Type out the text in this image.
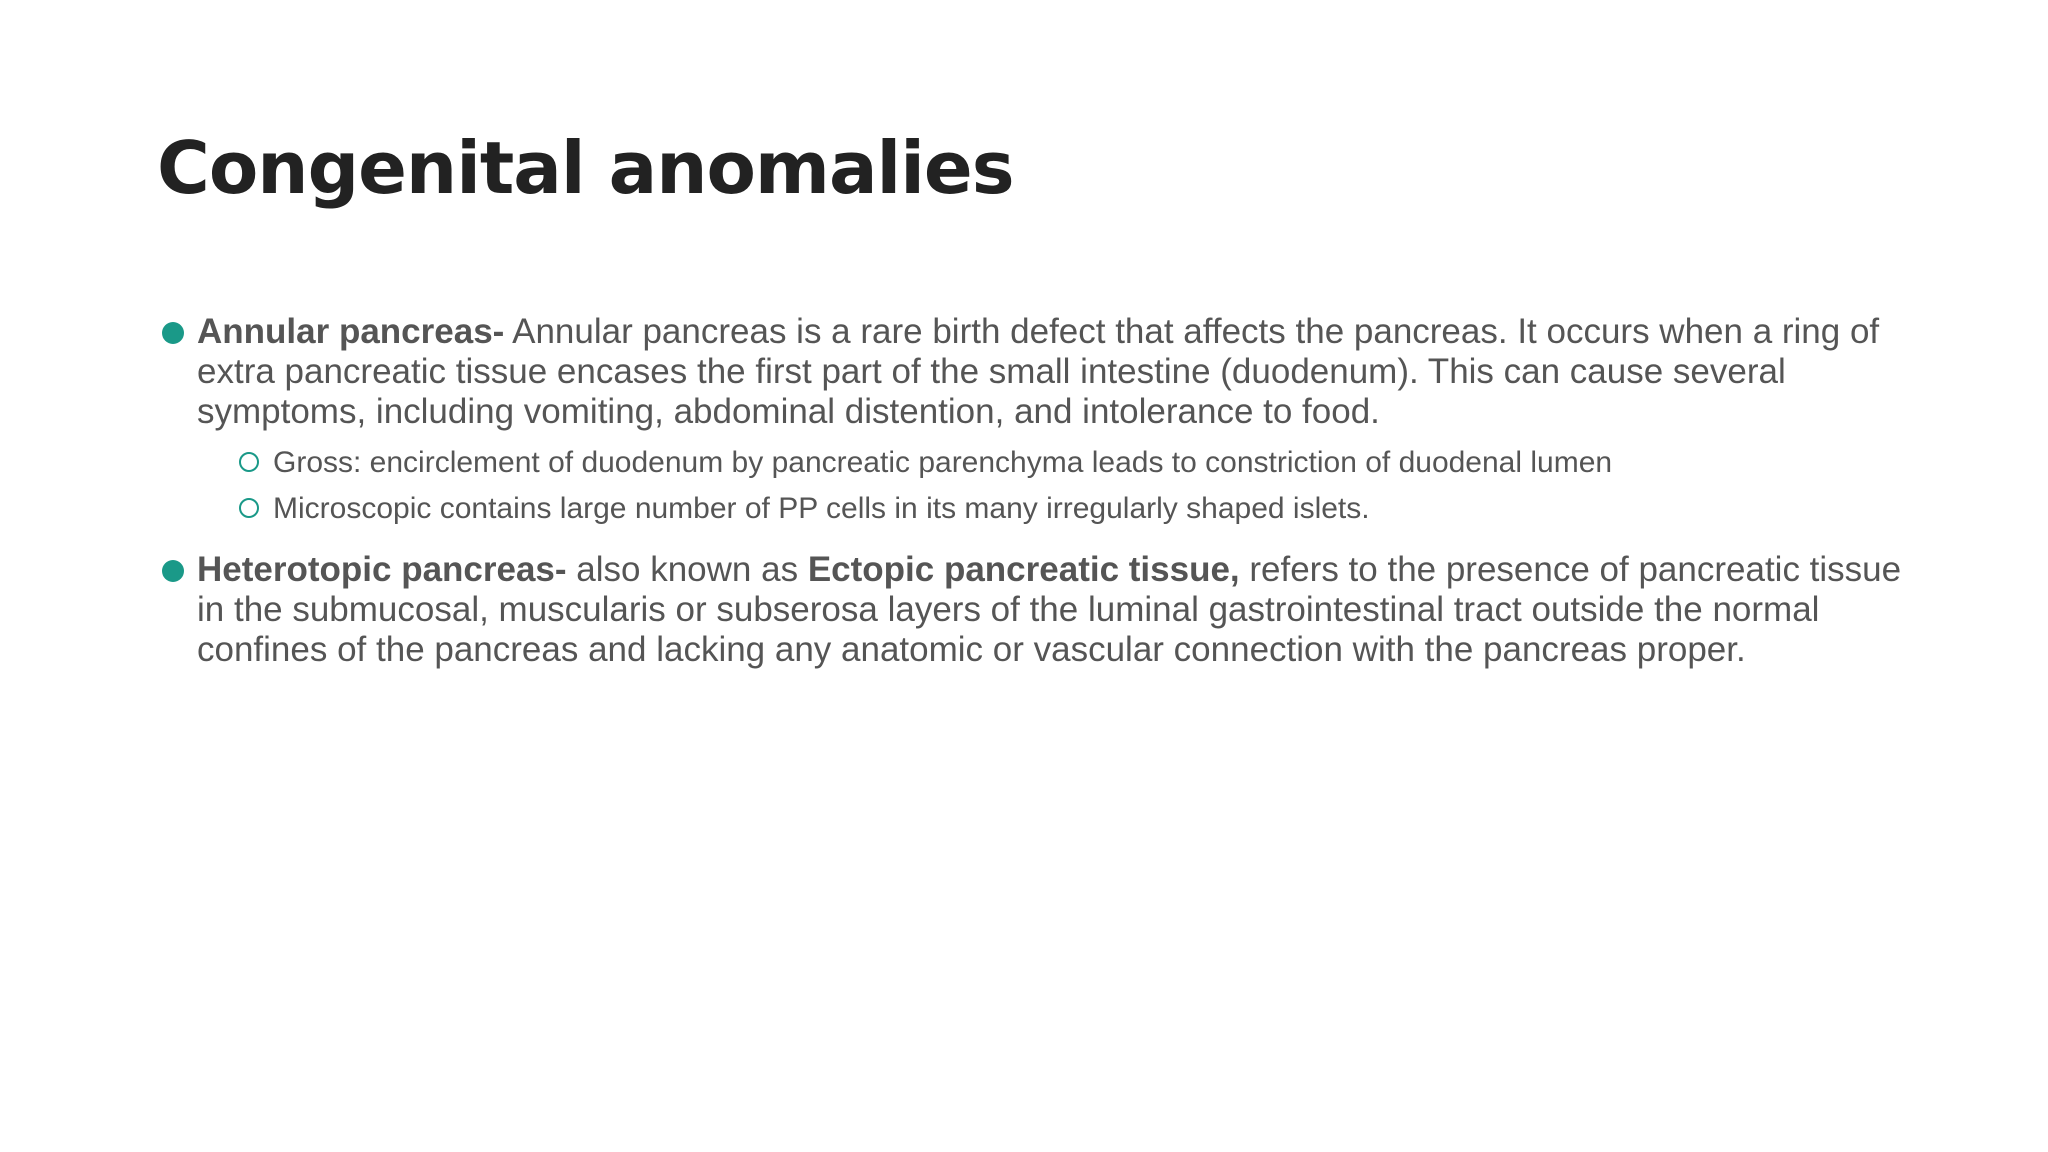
Congenital anomalies
Annular pancreas- Annular pancreas is a rare birth defect that affects the pancreas. It occurs when a ring of extra pancreatic tissue encases the first part of the small intestine (duodenum). This can cause several symptoms, including vomiting, abdominal distention, and intolerance to food.
Gross: encirclement of duodenum by pancreatic parenchyma leads to constriction of duodenal lumen
Microscopic contains large number of PP cells in its many irregularly shaped islets.
Heterotopic pancreas- also known as Ectopic pancreatic tissue, refers to the presence of pancreatic tissue in the submucosal, muscularis or subserosa layers of the luminal gastrointestinal tract outside the normal confines of the pancreas and lacking any anatomic or vascular connection with the pancreas proper.
